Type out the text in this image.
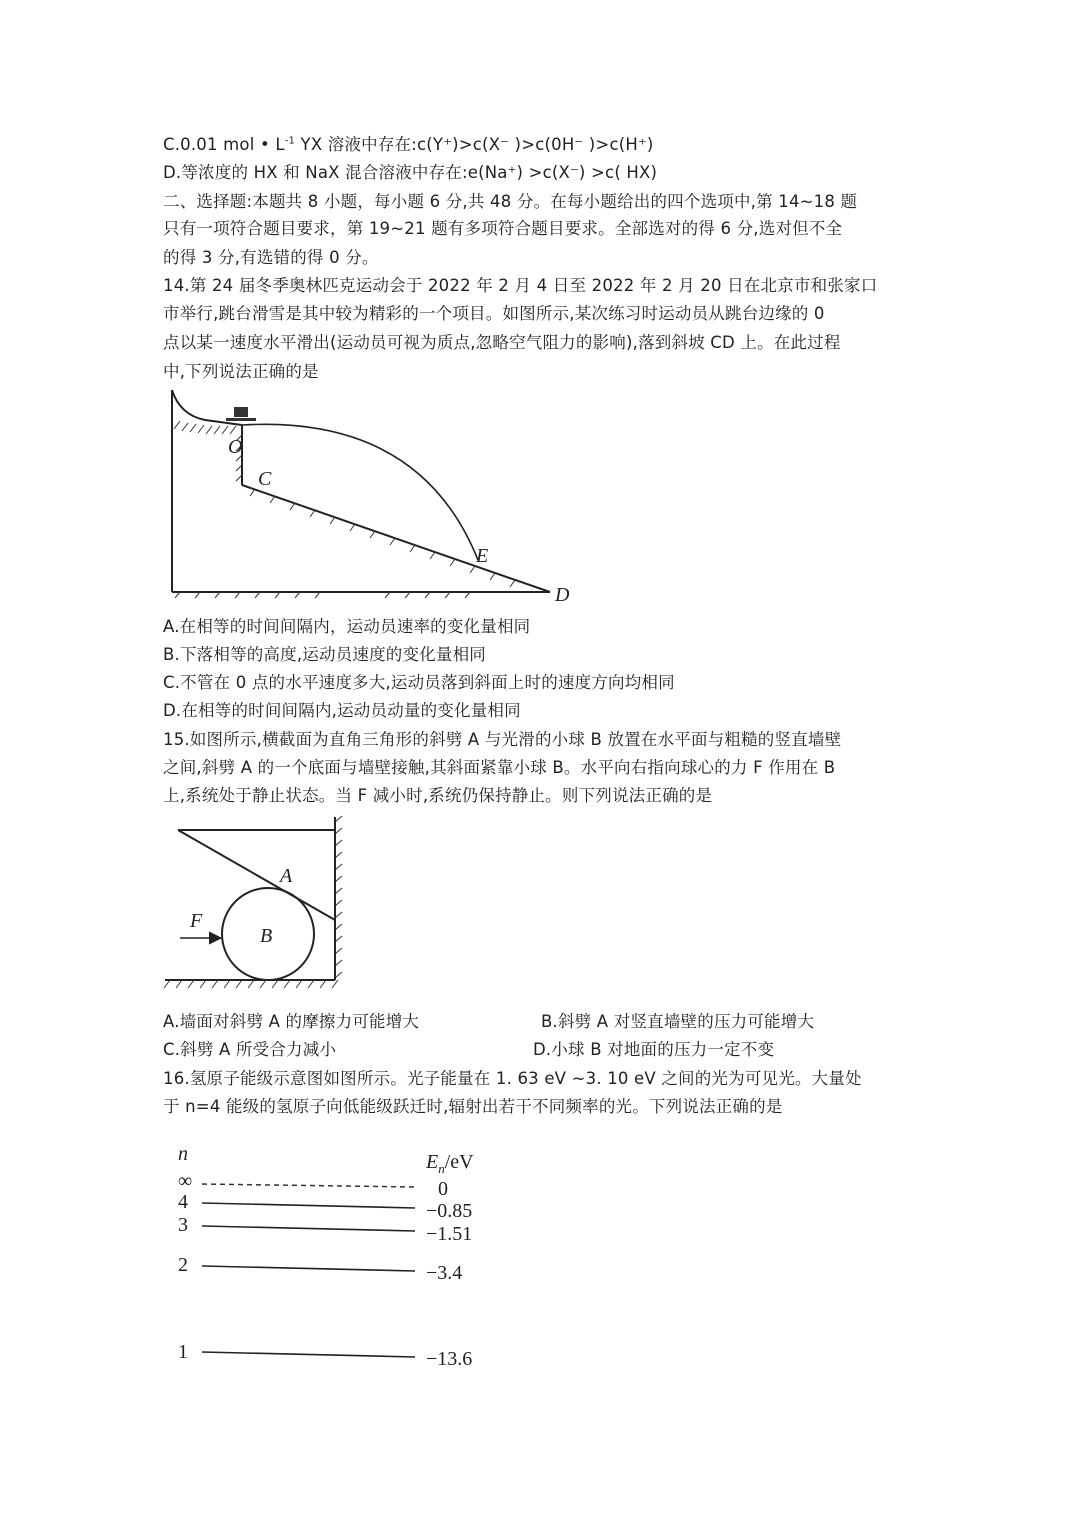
C.0.01 mol • $L^{-1}$ YX 溶液中存在:c(Y⁺)>c(X⁻ )>c(0H⁻ )>c(H⁺)
D.等浓度的 HX 和 NaX 混合溶液中存在:e(Na⁺) >c(X⁻) >c( HX)
二、选择题:本题共 8 小题，每小题 6 分,共 48 分。在每小题给出的四个选项中,第 14~18 题
只有一项符合题目要求，第 19~21 题有多项符合题目要求。全部选对的得 6 分,选对但不全
的得 3 分,有选错的得 0 分。
14.第 24 届冬季奥林匹克运动会于 2022 年 2 月 4 日至 2022 年 2 月 20 日在北京市和张家口
市举行,跳台滑雪是其中较为精彩的一个项目。如图所示,某次练习时运动员从跳台边缘的 0
点以某一速度水平滑出(运动员可视为质点,忽略空气阻力的影响),落到斜坡 CD 上。在此过程
中,下列说法正确的是
O
C
E
D
A.在相等的时间间隔内，运动员速率的变化量相同
B.下落相等的高度,运动员速度的变化量相同
C.不管在 0 点的水平速度多大,运动员落到斜面上时的速度方向均相同
D.在相等的时间间隔内,运动员动量的变化量相同
15.如图所示,横截面为直角三角形的斜劈 A 与光滑的小球 B 放置在水平面与粗糙的竖直墙壁
之间,斜劈 A 的一个底面与墙壁接触,其斜面紧靠小球 B。水平向右指向球心的力 F 作用在 B
上,系统处于静止状态。当 F 减小时,系统仍保持静止。则下列说法正确的是
A
B
F
A.墙面对斜劈 A 的摩擦力可能增大	B.斜劈 A 对竖直墙壁的压力可能增大
C.斜劈 A 所受合力减小	D.小球 B 对地面的压力一定不变
16.氢原子能级示意图如图所示。光子能量在 1. 63 eV ~3. 10 eV 之间的光为可见光。大量处
于 n=4 能级的氢原子向低能级跃迁时,辐射出若干不同频率的光。下列说法正确的是
n	$E_n/eV$
∞	0
4	−0.85
3	−1.51
2	−3.4
1	−13.6
